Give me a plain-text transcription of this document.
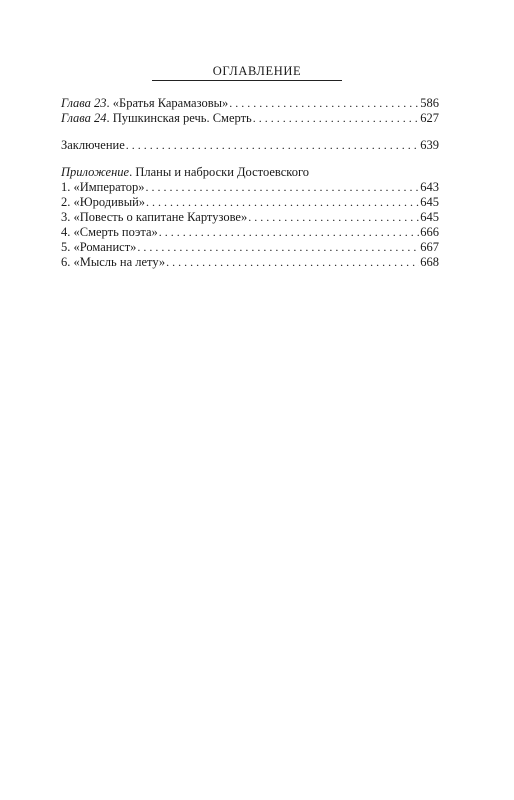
ОГЛАВЛЕНИЕ
Глава 23. «Братья Карамазовы» . . .	586
Глава 24. Пушкинская речь. Смерть . . .	627
Заключение . . .	639
Приложение. Планы и наброски Достоевского
1. «Император» . . .	643
2. «Юродивый» . . .	645
3. «Повесть о капитане Картузове» . . .	645
4. «Смерть поэта» . . .	666
5. «Романист» . . .	667
6. «Мысль на лету» . . .	668
